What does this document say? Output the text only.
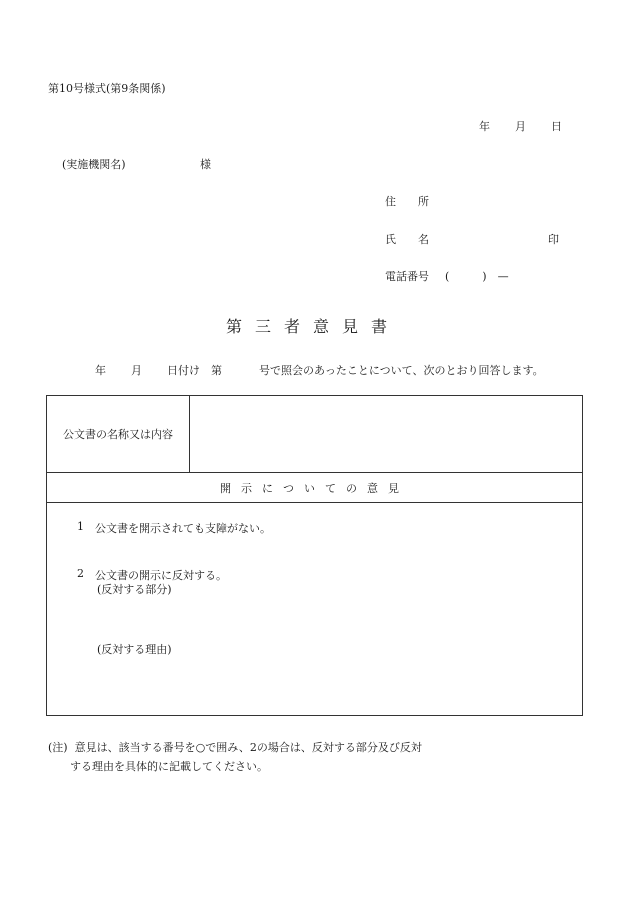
第10号様式(第9条関係)
年 月 日
(実施機関名)	様
住　　所
氏　　名	印
電話番号 (　　　)　—
第 三 者 意 見 書
年 月 日付け 第	号で照会のあったことについて、次のとおり回答します。
公文書の名称又は内容	
開 示 に つ い て の 意 見

1 公文書を開示されても支障がない。
2 公文書の開示に反対する。
(反対する部分)
(反対する理由)
(注) 意見は、該当する番号を○で囲み、2の場合は、反対する部分及び反対
する理由を具体的に記載してください。
